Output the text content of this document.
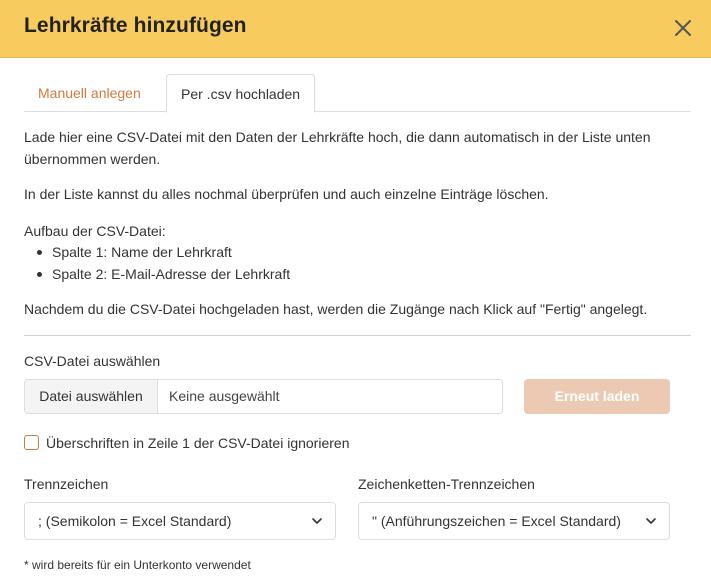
Lehrkräfte hinzufügen
Manuell anlegen	Per .csv hochladen
Lade hier eine CSV-Datei mit den Daten der Lehrkräfte hoch, die dann automatisch in der Liste unten übernommen werden.
In der Liste kannst du alles nochmal überprüfen und auch einzelne Einträge löschen.
Aufbau der CSV-Datei:
Spalte 1: Name der Lehrkraft
Spalte 2: E-Mail-Adresse der Lehrkraft
Nachdem du die CSV-Datei hochgeladen hast, werden die Zugänge nach Klick auf "Fertig" angelegt.
CSV-Datei auswählen
Datei auswählen	Keine ausgewählt	Erneut laden
Überschriften in Zeile 1 der CSV-Datei ignorieren
Trennzeichen	Zeichenketten-Trennzeichen
; (Semikolon = Excel Standard)	" (Anführungszeichen = Excel Standard)
* wird bereits für ein Unterkonto verwendet
